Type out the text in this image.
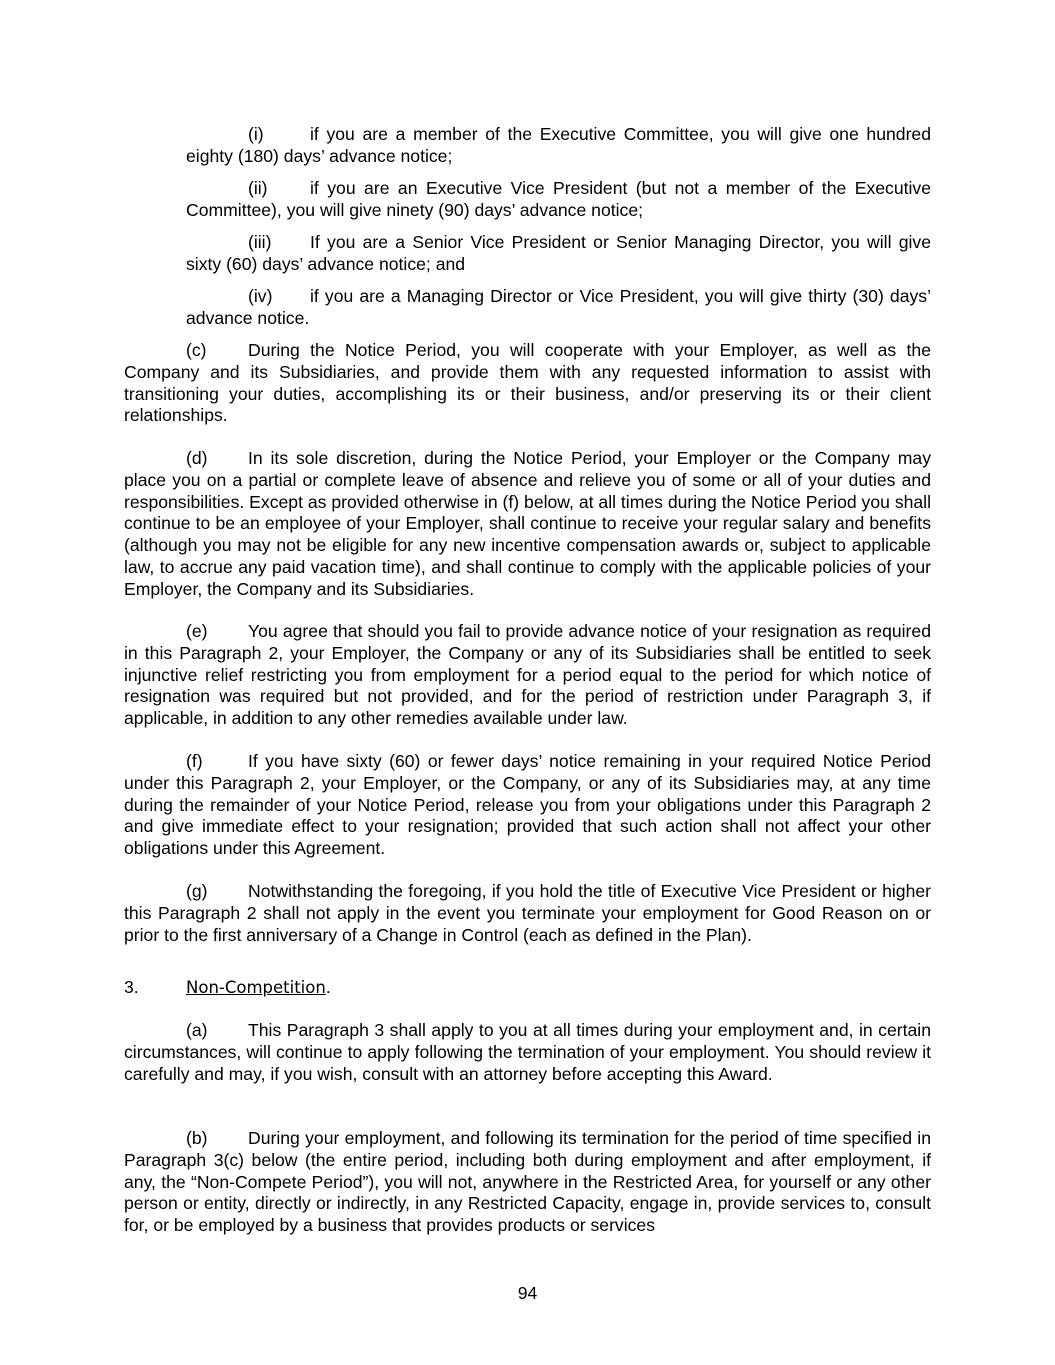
(i)	if you are a member of the Executive Committee, you will give one hundred eighty (180) days’ advance notice;

(ii) if you are an Executive Vice President (but not a member of the Executive Committee), you will give ninety (90) days’ advance notice;

(iii) If you are a Senior Vice President or Senior Managing Director, you will give sixty (60) days’ advance notice; and

(iv) if you are a Managing Director or Vice President, you will give thirty (30) days’ advance notice.

(c) During the Notice Period, you will cooperate with your Employer, as well as the Company and its Subsidiaries, and provide them with any requested information to assist with transitioning your duties, accomplishing its or their business, and/or preserving its or their client relationships.

(d) In its sole discretion, during the Notice Period, your Employer or the Company may place you on a partial or complete leave of absence and relieve you of some or all of your duties and responsibilities. Except as provided otherwise in (f) below, at all times during the Notice Period you shall continue to be an employee of your Employer, shall continue to receive your regular salary and benefits (although you may not be eligible for any new incentive compensation awards or, subject to applicable law, to accrue any paid vacation time), and shall continue to comply with the applicable policies of your Employer, the Company and its Subsidiaries.

(e) You agree that should you fail to provide advance notice of your resignation as required in this Paragraph 2, your Employer, the Company or any of its Subsidiaries shall be entitled to seek injunctive relief restricting you from employment for a period equal to the period for which notice of resignation was required but not provided, and for the period of restriction under Paragraph 3, if applicable, in addition to any other remedies available under law.

(f)	If you have sixty (60) or fewer days’ notice remaining in your required Notice Period under this Paragraph 2, your Employer, or the Company, or any of its Subsidiaries may, at any time during the remainder of your Notice Period, release you from your obligations under this Paragraph 2 and give immediate effect to your resignation; provided that such action shall not affect your other obligations under this Agreement.

(g) Notwithstanding the foregoing, if you hold the title of Executive Vice President or higher this Paragraph 2 shall not apply in the event you terminate your employment for Good Reason on or prior to the first anniversary of a Change in Control (each as defined in the Plan).

3.	Non-Competition.

(a) This Paragraph 3 shall apply to you at all times during your employment and, in certain circumstances, will continue to apply following the termination of your employment. You should review it carefully and may, if you wish, consult with an attorney before accepting this Award.

(b) During your employment, and following its termination for the period of time specified in Paragraph 3(c) below (the entire period, including both during employment and after employment, if any, the “Non-Compete Period”), you will not, anywhere in the Restricted Area, for yourself or any other person or entity, directly or indirectly, in any Restricted Capacity, engage in, provide services to, consult for, or be employed by a business that provides products or services

94
